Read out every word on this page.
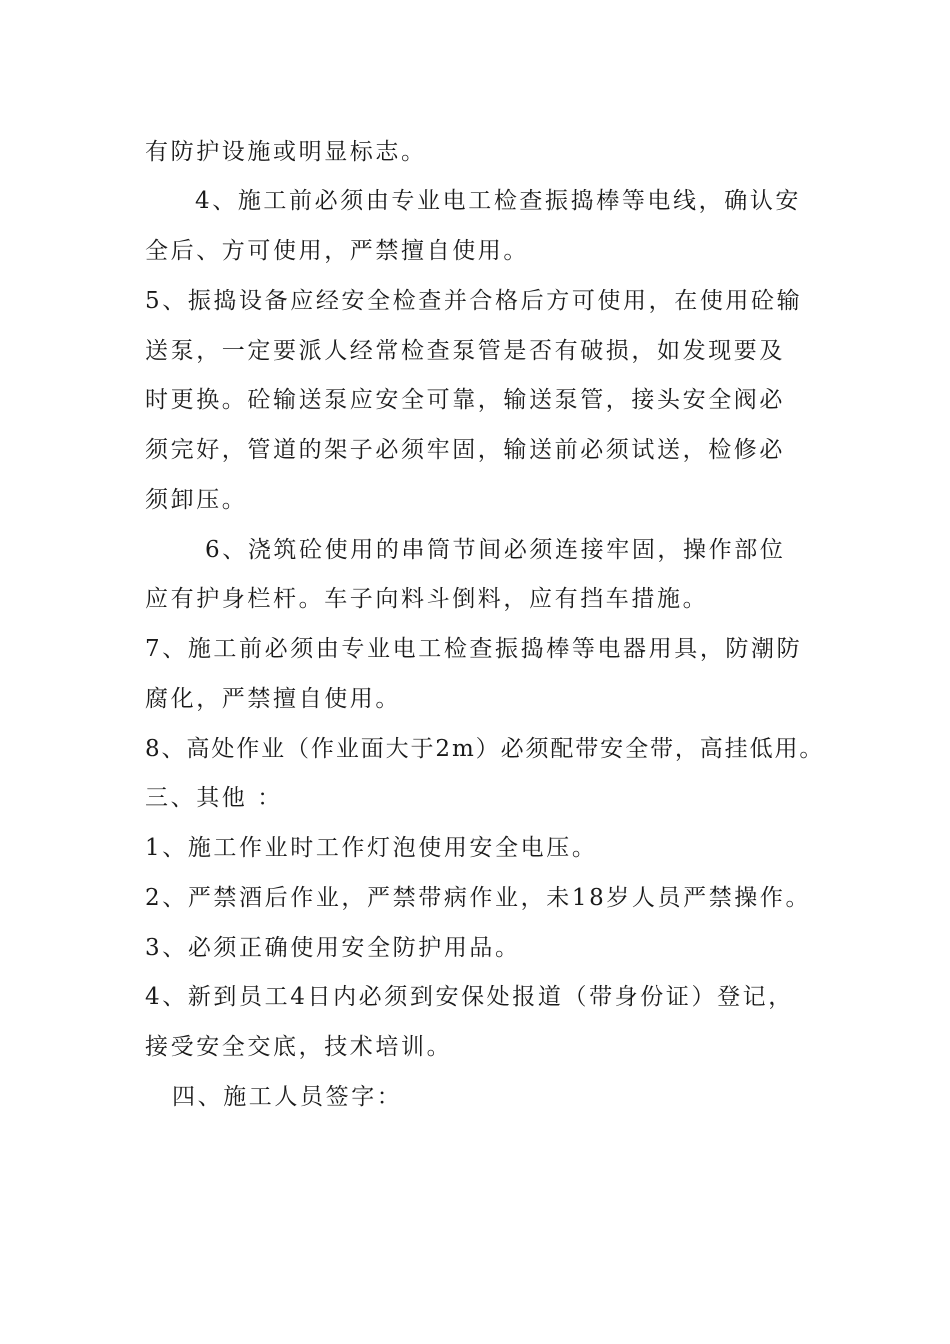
有防护设施或明显标志。
4、施工前必须由专业电工检查振捣棒等电线，确认安
全后、方可使用，严禁擅自使用。
5、振捣设备应经安全检查并合格后方可使用，在使用砼输
送泵，一定要派人经常检查泵管是否有破损，如发现要及
时更换。砼输送泵应安全可靠，输送泵管，接头安全阀必
须完好，管道的架子必须牢固，输送前必须试送，检修必
须卸压。
6、浇筑砼使用的串筒节间必须连接牢固，操作部位
应有护身栏杆。车子向料斗倒料，应有挡车措施。
7、施工前必须由专业电工检查振捣棒等电器用具，防潮防
腐化，严禁擅自使用。
8、高处作业（作业面大于2m）必须配带安全带，高挂低用。
三、其他 ：
1、施工作业时工作灯泡使用安全电压。
2、严禁酒后作业，严禁带病作业，未18岁人员严禁操作。
3、必须正确使用安全防护用品。
4、新到员工4日内必须到安保处报道（带身份证）登记，
接受安全交底，技术培训。
四、施工人员签字：
